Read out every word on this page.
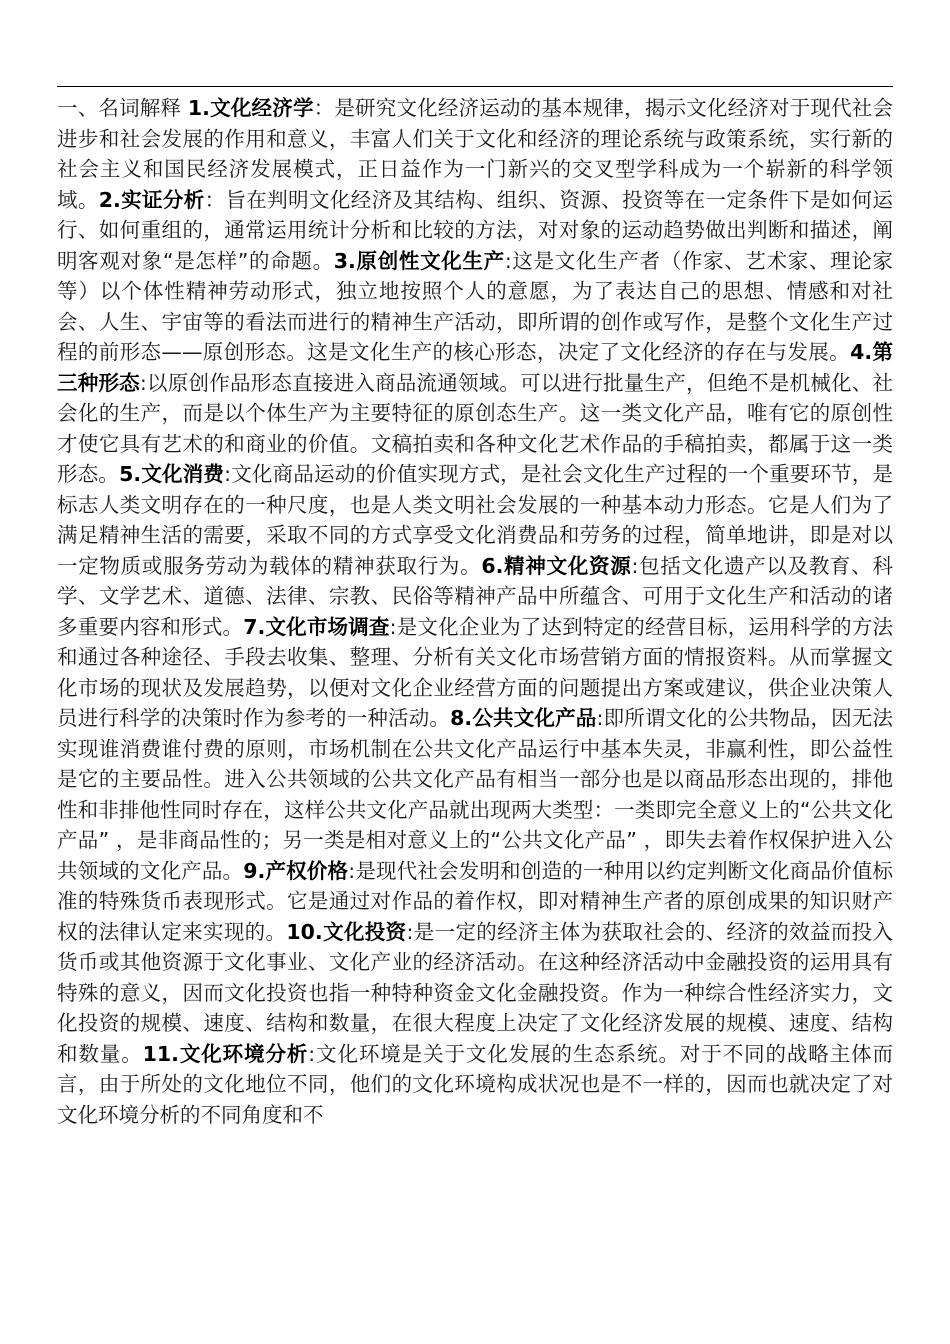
一、名词解释 1.文化经济学：是研究文化经济运动的基本规律，揭示文化经济对于现代社会进步和社会发展的作用和意义，丰富人们关于文化和经济的理论系统与政策系统，实行新的社会主义和国民经济发展模式，正日益作为一门新兴的交叉型学科成为一个崭新的科学领域。2.实证分析：旨在判明文化经济及其结构、组织、资源、投资等在一定条件下是如何运行、如何重组的，通常运用统计分析和比较的方法，对对象的运动趋势做出判断和描述，阐明客观对象“是怎样”的命题。3.原创性文化生产:这是文化生产者（作家、艺术家、理论家等）以个体性精神劳动形式，独立地按照个人的意愿，为了表达自己的思想、情感和对社会、人生、宇宙等的看法而进行的精神生产活动，即所谓的创作或写作，是整个文化生产过程的前形态——原创形态。这是文化生产的核心形态，决定了文化经济的存在与发展。4.第三种形态:以原创作品形态直接进入商品流通领域。可以进行批量生产，但绝不是机械化、社会化的生产，而是以个体生产为主要特征的原创态生产。这一类文化产品，唯有它的原创性才使它具有艺术的和商业的价值。文稿拍卖和各种文化艺术作品的手稿拍卖，都属于这一类形态。5.文化消费:文化商品运动的价值实现方式，是社会文化生产过程的一个重要环节，是标志人类文明存在的一种尺度，也是人类文明社会发展的一种基本动力形态。它是人们为了满足精神生活的需要，采取不同的方式享受文化消费品和劳务的过程，简单地讲，即是对以一定物质或服务劳动为载体的精神获取行为。6.精神文化资源:包括文化遗产以及教育、科学、文学艺术、道德、法律、宗教、民俗等精神产品中所蕴含、可用于文化生产和活动的诸多重要内容和形式。7.文化市场调查:是文化企业为了达到特定的经营目标，运用科学的方法和通过各种途径、手段去收集、整理、分析有关文化市场营销方面的情报资料。从而掌握文化市场的现状及发展趋势，以便对文化企业经营方面的问题提出方案或建议，供企业决策人员进行科学的决策时作为参考的一种活动。8.公共文化产品:即所谓文化的公共物品，因无法实现谁消费谁付费的原则，市场机制在公共文化产品运行中基本失灵，非赢利性，即公益性是它的主要品性。进入公共领域的公共文化产品有相当一部分也是以商品形态出现的，排他性和非排他性同时存在，这样公共文化产品就出现两大类型：一类即完全意义上的“公共文化产品” ，是非商品性的；另一类是相对意义上的“公共文化产品” ，即失去着作权保护进入公共领域的文化产品。9.产权价格:是现代社会发明和创造的一种用以约定判断文化商品价值标准的特殊货币表现形式。它是通过对作品的着作权，即对精神生产者的原创成果的知识财产权的法律认定来实现的。10.文化投资:是一定的经济主体为获取社会的、经济的效益而投入货币或其他资源于文化事业、文化产业的经济活动。在这种经济活动中金融投资的运用具有特殊的意义，因而文化投资也指一种特种资金文化金融投资。作为一种综合性经济实力，文化投资的规模、速度、结构和数量，在很大程度上决定了文化经济发展的规模、速度、结构和数量。11.文化环境分析:文化环境是关于文化发展的生态系统。对于不同的战略主体而言，由于所处的文化地位不同，他们的文化环境构成状况也是不一样的，因而也就决定了对文化环境分析的不同角度和不
